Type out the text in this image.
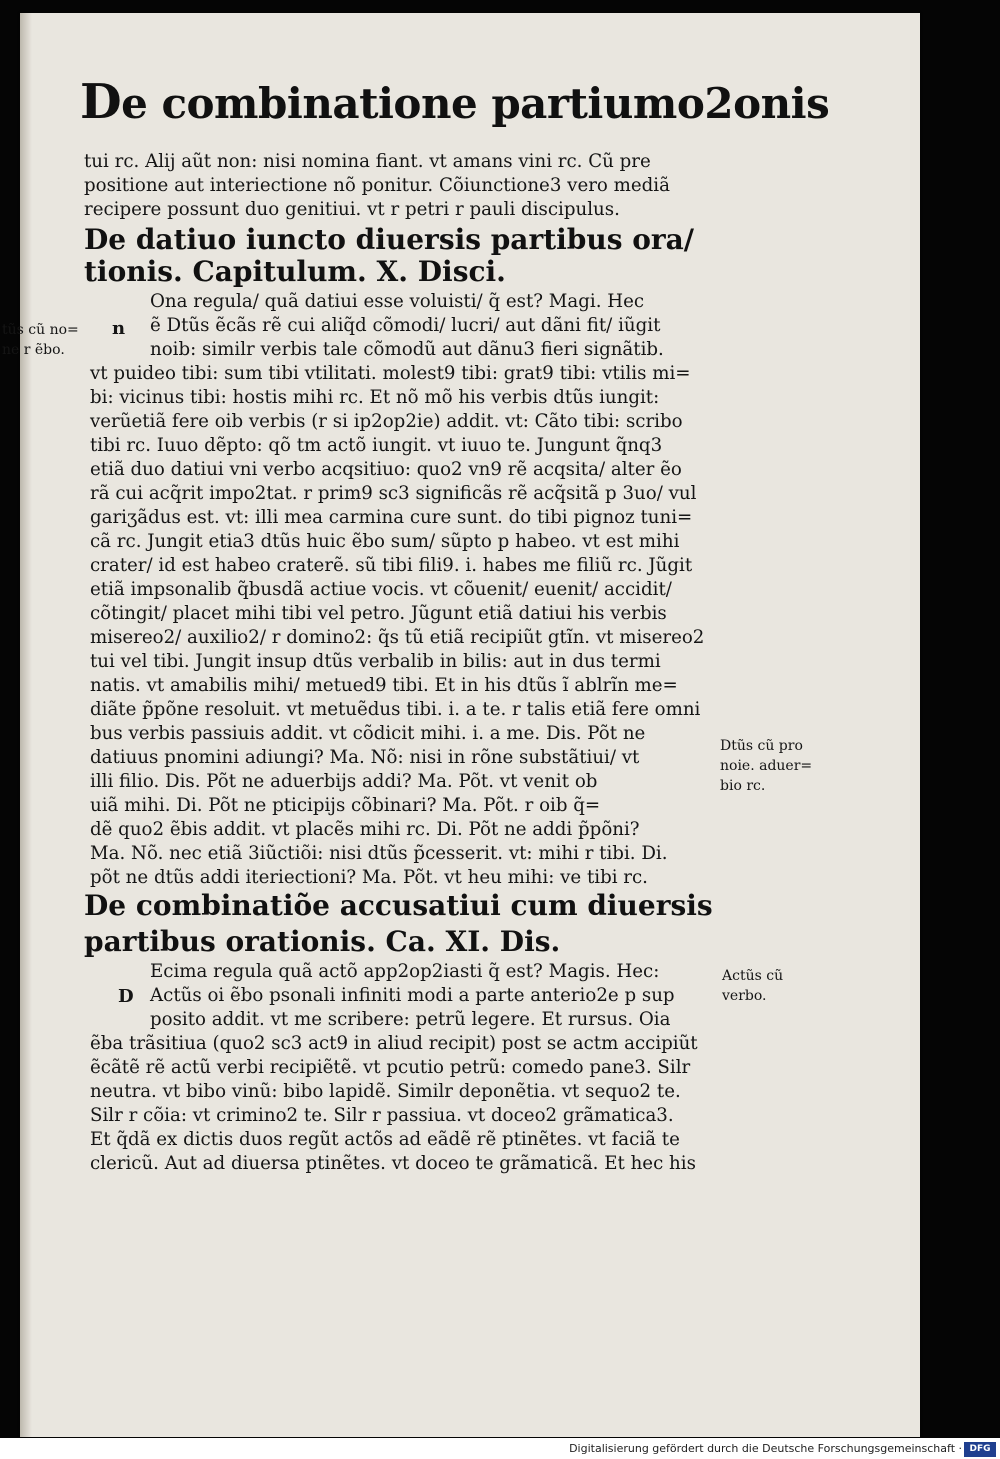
De combinatione partiumo2onis
tui rc. Alij aũt non: nisi nomina fiant. vt amans vini rc. Cũ pre
positione aut interiectione nõ ponitur. Cõiunctione3 vero mediã
recipere possunt duo genitiui. vt r petri r pauli discipulus.
De datiuo iuncto diuersis partibus ora/
tionis. Capitulum. X. Disci.
tũs cũ no=
ne r ẽbo.
n
Ona regula/ quã datiui esse voluisti/ q̃ est? Magi. Hec
ẽ Dtũs ẽcãs rẽ cui aliq̃d cõmodi/ lucri/ aut dãni fit/ iũgit
noib: similr verbis tale cõmodũ aut dãnu3 fieri signãtib.
vt puideo tibi: sum tibi vtilitati. molest9 tibi: grat9 tibi: vtilis mi=
bi: vicinus tibi: hostis mihi rc. Et nõ mõ his verbis dtũs iungit:
verũetiã fere oib verbis (r si ip2op2ie) addit. vt: Cãto tibi: scribo
tibi rc. Iuuo dẽpto: qõ tm actõ iungit. vt iuuo te. Jungunt q̃nq3
etiã duo datiui vni verbo acqsitiuo: quo2 vn9 rẽ acqsita/ alter ẽo
rã cui acq̃rit impo2tat. r prim9 sc3 significãs rẽ acq̃sitã p 3uo/ vul
gariʒãdus est. vt: illi mea carmina cure sunt. do tibi pignoz tuni=
cã rc. Jungit etia3 dtũs huic ẽbo sum/ sũpto p habeo. vt est mihi
crater/ id est habeo craterẽ. sũ tibi fili9. i. habes me filiũ rc. Jũgit
etiã impsonalib q̃busdã actiue vocis. vt cõuenit/ euenit/ accidit/
cõtingit/ placet mihi tibi vel petro. Jũgunt etiã datiui his verbis
misereo2/ auxilio2/ r domino2: q̃s tũ etiã recipiũt gtĩn. vt misereo2
tui vel tibi. Jungit insup dtũs verbalib in bilis: aut in dus termi
natis. vt amabilis mihi/ metued9 tibi. Et in his dtũs ĩ ablrĩn me=
diãte p̃põne resoluit. vt metuẽdus tibi. i. a te. r talis etiã fere omni
bus verbis passiuis addit. vt cõdicit mihi. i. a me. Dis. Põt ne
datiuus pnomini adiungi? Ma. Nõ: nisi in rõne substãtiui/ vt
illi filio. Dis. Põt ne aduerbijs addi? Ma. Põt. vt venit ob
uiã mihi. Di. Põt ne pticipijs cõbinari? Ma. Põt. r oib q̃=
dẽ quo2 ẽbis addit. vt placẽs mihi rc. Di. Põt ne addi p̃põni?
Ma. Nõ. nec etiã 3iũctiõi: nisi dtũs p̃cesserit. vt: mihi r tibi. Di.
põt ne dtũs addi iteriectioni? Ma. Põt. vt heu mihi: ve tibi rc.
Dtũs cũ pro
noie. aduer=
bio rc.
De combinatiõe accusatiui cum diuersis
partibus orationis. Ca. XI. Dis.
D
Actũs cũ
verbo.
Ecima regula quã actõ app2op2iasti q̃ est? Magis. Hec:
Actũs oi ẽbo psonali infiniti modi a parte anterio2e p sup
posito addit. vt me scribere: petrũ legere. Et rursus. Oia
ẽba trãsitiua (quo2 sc3 act9 in aliud recipit) post se actm accipiũt
ẽcãtẽ rẽ actũ verbi recipiẽtẽ. vt pcutio petrũ: comedo pane3. Silr
neutra. vt bibo vinũ: bibo lapidẽ. Similr deponẽtia. vt sequo2 te.
Silr r cõia: vt crimino2 te. Silr r passiua. vt doceo2 grãmatica3.
Et q̃dã ex dictis duos regũt actõs ad eãdẽ rẽ ptinẽtes. vt faciã te
clericũ. Aut ad diuersa ptinẽtes. vt doceo te grãmaticã. Et hec his
Digitalisierung gefördert durch die Deutsche Forschungsgemeinschaft · DFG
